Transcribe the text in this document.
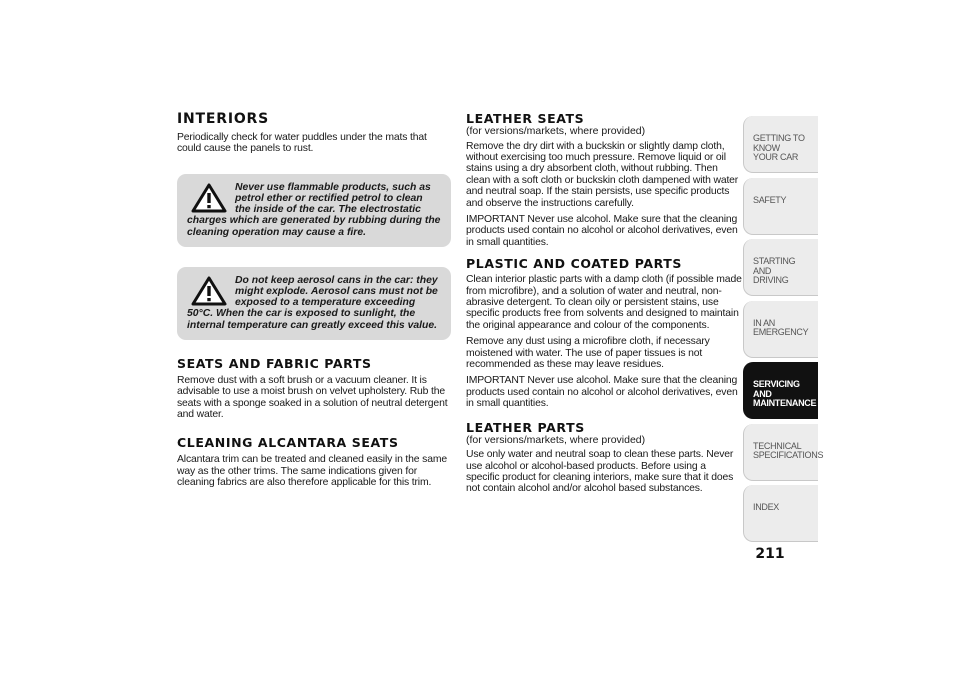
INTERIORS

Periodically check for water puddles under the mats that could cause the panels to rust.

Never use flammable products, such as petrol ether or rectified petrol to clean the inside of the car. The electrostatic charges which are generated by rubbing during the cleaning operation may cause a fire.
Do not keep aerosol cans in the car: they might explode. Aerosol cans must not be exposed to a temperature exceeding 50°C. When the car is exposed to sunlight, the internal temperature can greatly exceed this value.
SEATS AND FABRIC PARTS

Remove dust with a soft brush or a vacuum cleaner. It is advisable to use a moist brush on velvet upholstery. Rub the seats with a sponge soaked in a solution of neutral detergent and water.

CLEANING ALCANTARA SEATS

Alcantara trim can be treated and cleaned easily in the same way as the other trims. The same indications given for cleaning fabrics are also therefore applicable for this trim.

LEATHER SEATS
(for versions/markets, where provided)

Remove the dry dirt with a buckskin or slightly damp cloth, without exercising too much pressure. Remove liquid or oil stains using a dry absorbent cloth, without rubbing. Then clean with a soft cloth or buckskin cloth dampened with water and neutral soap. If the stain persists, use specific products and observe the instructions carefully.

IMPORTANT Never use alcohol. Make sure that the cleaning products used contain no alcohol or alcohol derivatives, even in small quantities.

PLASTIC AND COATED PARTS

Clean interior plastic parts with a damp cloth (if possible made from microfibre), and a solution of water and neutral, non-abrasive detergent. To clean oily or persistent stains, use specific products free from solvents and designed to maintain the original appearance and colour of the components.

Remove any dust using a microfibre cloth, if necessary moistened with water. The use of paper tissues is not recommended as these may leave residues.

IMPORTANT Never use alcohol. Make sure that the cleaning products used contain no alcohol or alcohol derivatives, even in small quantities.

LEATHER PARTS
(for versions/markets, where provided)

Use only water and neutral soap to clean these parts. Never use alcohol or alcohol-based products. Before using a specific product for cleaning interiors, make sure that it does not contain alcohol and/or alcohol based substances.

GETTING TO KNOW
YOUR CAR
SAFETY
STARTING AND
DRIVING
IN AN EMERGENCY
SERVICING AND
MAINTENANCE
TECHNICAL
SPECIFICATIONS
INDEX
211
